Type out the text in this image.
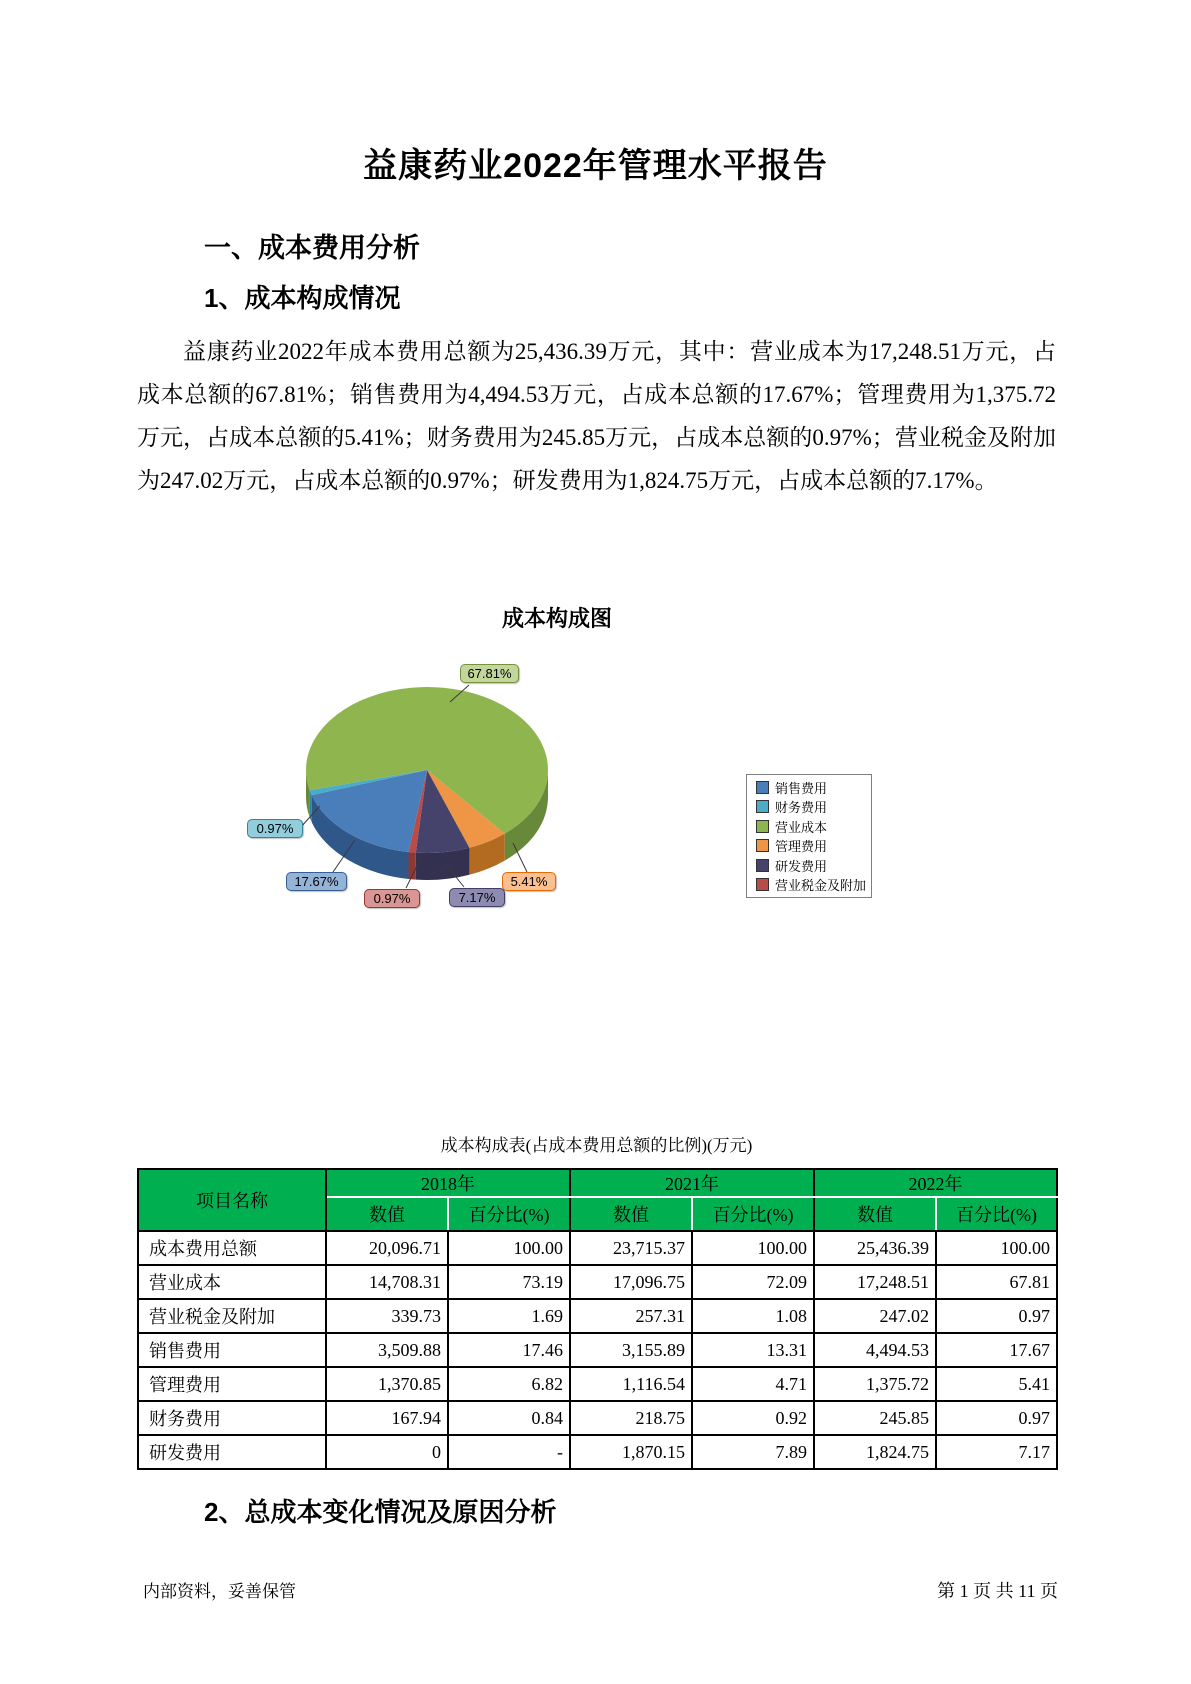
益康药业2022年管理水平报告
一、成本费用分析
1、成本构成情况
益康药业2022年成本费用总额为25,436.39万元，其中：营业成本为17,248.51万元，占成本总额的67.81%；销售费用为4,494.53万元，占成本总额的17.67%；管理费用为1,375.72万元，占成本总额的5.41%；财务费用为245.85万元，占成本总额的0.97%；营业税金及附加为247.02万元，占成本总额的0.97%；研发费用为1,824.75万元，占成本总额的7.17%。
成本构成图
67.81%
5.41%
7.17%
0.97%
17.67%
0.97%
销售费用
财务费用
营业成本
管理费用
研发费用
营业税金及附加
成本构成表(占成本费用总额的比例)(万元)
项目名称	2018年		2021年		2022年	
	数值	百分比(%)	数值	百分比(%)	数值	百分比(%)
成本费用总额	20,096.71	100.00	23,715.37	100.00	25,436.39	100.00
营业成本	14,708.31	73.19	17,096.75	72.09	17,248.51	67.81
营业税金及附加	339.73	1.69	257.31	1.08	247.02	0.97
销售费用	3,509.88	17.46	3,155.89	13.31	4,494.53	17.67
管理费用	1,370.85	6.82	1,116.54	4.71	1,375.72	5.41
财务费用	167.94	0.84	218.75	0.92	245.85	0.97
研发费用	0	-	1,870.15	7.89	1,824.75	7.17
2、总成本变化情况及原因分析
内部资料，妥善保管	第 1 页 共 11 页
